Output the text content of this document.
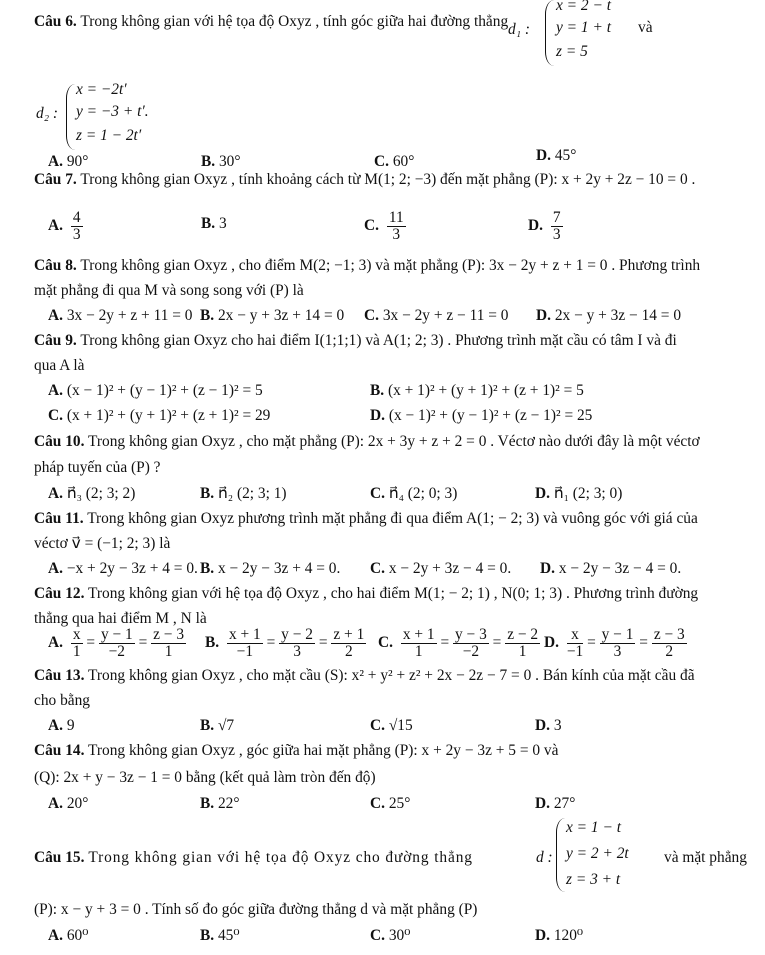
Câu 6. Trong không gian với hệ tọa độ Oxyz , tính góc giữa hai đường thẳng d₁ :
x = 2 − t
y = 1 + t
z = 5
và
d₂ :
x = −2t′
y = −3 + t′.
z = 1 − 2t′
A. 90°	B. 30°	C. 60°	D. 45°
Câu 7. Trong không gian Oxyz , tính khoảng cách từ M(1; 2; −3) đến mặt phẳng (P): x + 2y + 2z − 10 = 0 .
A. $\frac{4}{3}$	B. 3	C. $\frac{11}{3}$	D. $\frac{7}{3}$
Câu 8. Trong không gian Oxyz , cho điểm M(2; −1; 3) và mặt phẳng (P): 3x − 2y + z + 1 = 0 . Phương trình
mặt phẳng đi qua M và song song với (P) là
A. 3x − 2y + z + 11 = 0 B. 2x − y + 3z + 14 = 0 C. 3x − 2y + z − 11 = 0 D. 2x − y + 3z − 14 = 0
Câu 9. Trong không gian Oxyz cho hai điểm I(1;1;1) và A(1; 2; 3) . Phương trình mặt cầu có tâm I và đi
qua A là
A. (x − 1)² + (y − 1)² + (z − 1)² = 5	B. (x + 1)² + (y + 1)² + (z + 1)² = 5
C. (x + 1)² + (y + 1)² + (z + 1)² = 29	D. (x − 1)² + (y − 1)² + (z − 1)² = 25
Câu 10. Trong không gian Oxyz , cho mặt phẳng (P): 2x + 3y + z + 2 = 0 . Véctơ nào dưới đây là một véctơ
pháp tuyến của (P) ?
A. n⃗₃ (2; 3; 2)	B. n⃗₂ (2; 3; 1)	C. n⃗₄ (2; 0; 3)	D. n⃗₁ (2; 3; 0)
Câu 11. Trong không gian Oxyz phương trình mặt phẳng đi qua điểm A(1; − 2; 3) và vuông góc với giá của
véctơ v⃗ = (−1; 2; 3) là
A. −x + 2y − 3z + 4 = 0. B. x − 2y − 3z + 4 = 0. C. x − 2y + 3z − 4 = 0. D. x − 2y − 3z − 4 = 0.
Câu 12. Trong không gian với hệ tọa độ Oxyz , cho hai điểm M(1; − 2; 1) , N(0; 1; 3) . Phương trình đường
thẳng qua hai điểm M , N là
A. $\frac{x}{1} = \frac{y - 1}{-2} = \frac{z - 3}{1} B$. $\frac{x + 1}{-1} = \frac{y - 2}{3} = \frac{z + 1}{2} C$. $\frac{x + 1}{1} = \frac{y - 3}{-2} = \frac{z - 2}{1} D$. $\frac{x}{-1} = \frac{y - 1}{3} = \frac{z - 3}{2}$
Câu 13. Trong không gian Oxyz , cho mặt cầu (S): x² + y² + z² + 2x − 2z − 7 = 0 . Bán kính của mặt cầu đã
cho bằng
A. 9	B. √7	C. √15	D. 3
Câu 14. Trong không gian Oxyz , góc giữa hai mặt phẳng (P): x + 2y − 3z + 5 = 0 và
(Q): 2x + y − 3z − 1 = 0 bằng (kết quả làm tròn đến độ)
A. 20°	B. 22°	C. 25°	D. 27°
Câu 15. Trong không gian với hệ tọa độ Oxyz cho đường thẳng	d :
x = 1 − t
y = 2 + 2t
z = 3 + t
và mặt phẳng
(P): x − y + 3 = 0 . Tính số đo góc giữa đường thẳng d và mặt phẳng (P)
A. 60⁰	B. 45⁰	C. 30⁰	D. 120⁰
